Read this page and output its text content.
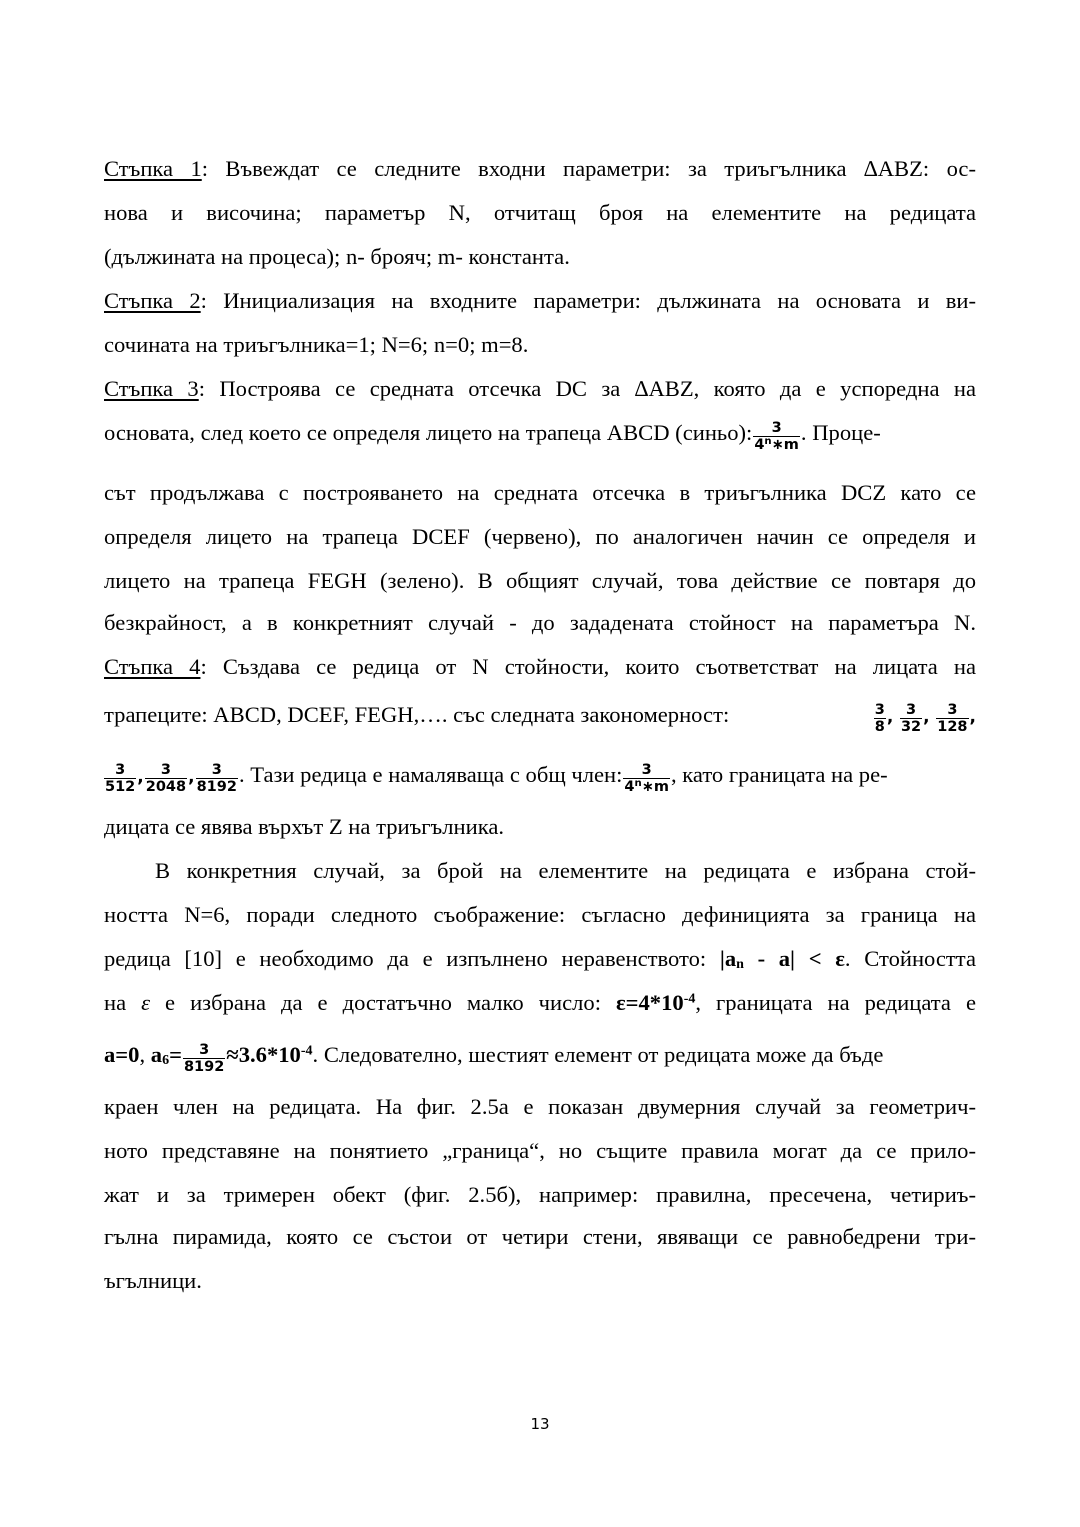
Стъпка 1: Въвеждат се следните входни параметри: за триъгълника ∆ABZ: ос-
нова и височина; параметър N, отчитащ броя на елементите на редицата
(дължината на процеса); n- брояч; m- константа.
Стъпка 2: Инициализация на входните параметри: дължината на основата и ви-
сочината на триъгълника=1; N=6; n=0; m=8.
Стъпка 3: Построява се средната отсечка DC за ∆ABZ, която да е успоредна на
основата, след което се определя лицето на трапеца ABCD (синьо): $\frac{3}{4^n∗m}$ . Проце-
сът продължава с построяването на средната отсечка в триъгълника DCZ като се
определя лицето на трапеца DCEF (червено), по аналогичен начин се определя и
лицето на трапеца FEGH (зелено). В общият случай, това действие се повтаря до
безкрайност, а в конкретният случай - до зададената стойност на параметъра N.
Стъпка 4: Създава се редица от N стойности, които съответстват на лицата на
трапеците: ABCD, DCEF, FEGH,…. със следната закономерност:	$\frac{3}{8}$ , $\frac{3}{32}$ , $\frac{3}{128}$ ,
$\frac{3}{512}$ , $\frac{3}{2048}$ , $\frac{3}{8192}$ . Тази редица е намаляваща с общ член: $\frac{3}{4^n∗m}$ , като границата на ре-
дицата се явява върхът Z на триъгълника.
В конкретния случай, за брой на елементите на редицата е избрана стой-
ността N=6, поради следното съображение: съгласно дефиницията за граница на
редица [10] е необходимо да е изпълнено неравенството: $|a_n - a| < \varepsilon$. Стойността
на ε е избрана да е достатъчно малко число: $\varepsilon=4*10^{-4}$, границата на редицата е
a=0, $a_6= \frac{3}{8192} \approx 3.6*10^{-4}$. Следователно, шестият елемент от редицата може да бъде
краен член на редицата. На фиг. 2.5а е показан двумерния случай за геометрич-
ното представяне на понятието „граница“, но същите правила могат да се прило-
жат и за тримерен обект (фиг. 2.5б), например: правилна, пресечена, четириъ-
гълна пирамида, която се състои от четири стени, явяващи се равнобедрени три-
ъгълници.
13
